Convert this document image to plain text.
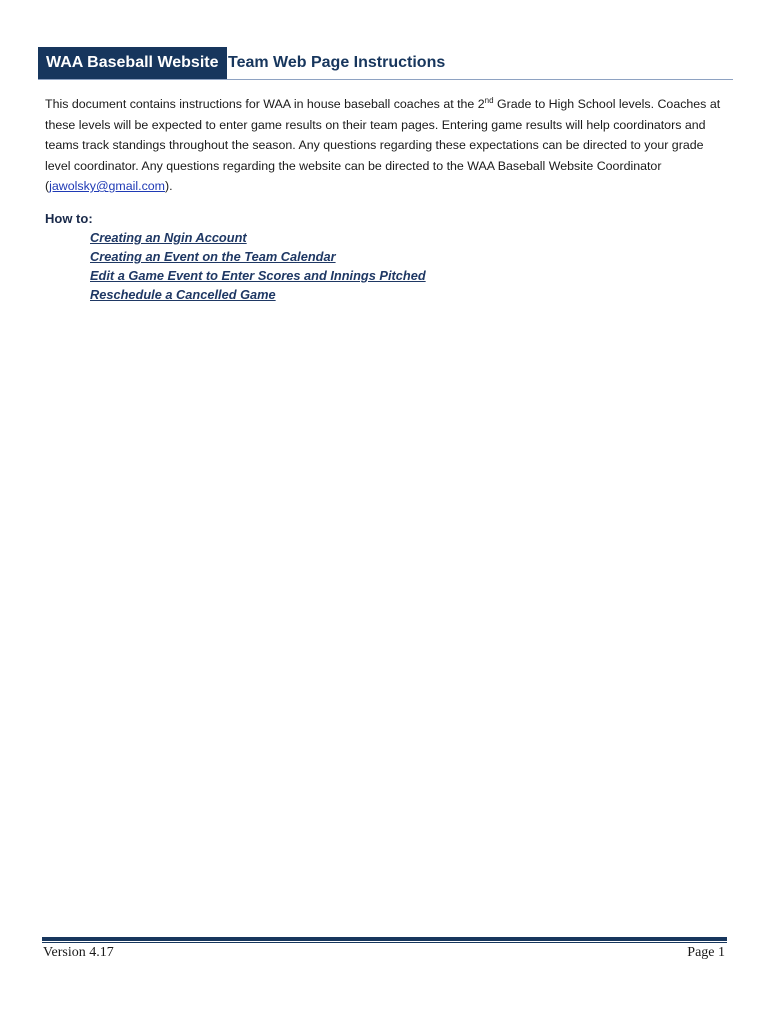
WAA Baseball Website Team Web Page Instructions

This document contains instructions for WAA in house baseball coaches at the 2nd Grade to High School levels. Coaches at these levels will be expected to enter game results on their team pages. Entering game results will help coordinators and teams track standings throughout the season. Any questions regarding these expectations can be directed to your grade level coordinator. Any questions regarding the website can be directed to the WAA Baseball Website Coordinator (jawolsky@gmail.com).

How to:

Creating an Ngin Account
Creating an Event on the Team Calendar
Edit a Game Event to Enter Scores and Innings Pitched
Reschedule a Cancelled Game
Version 4.17	Page 1
